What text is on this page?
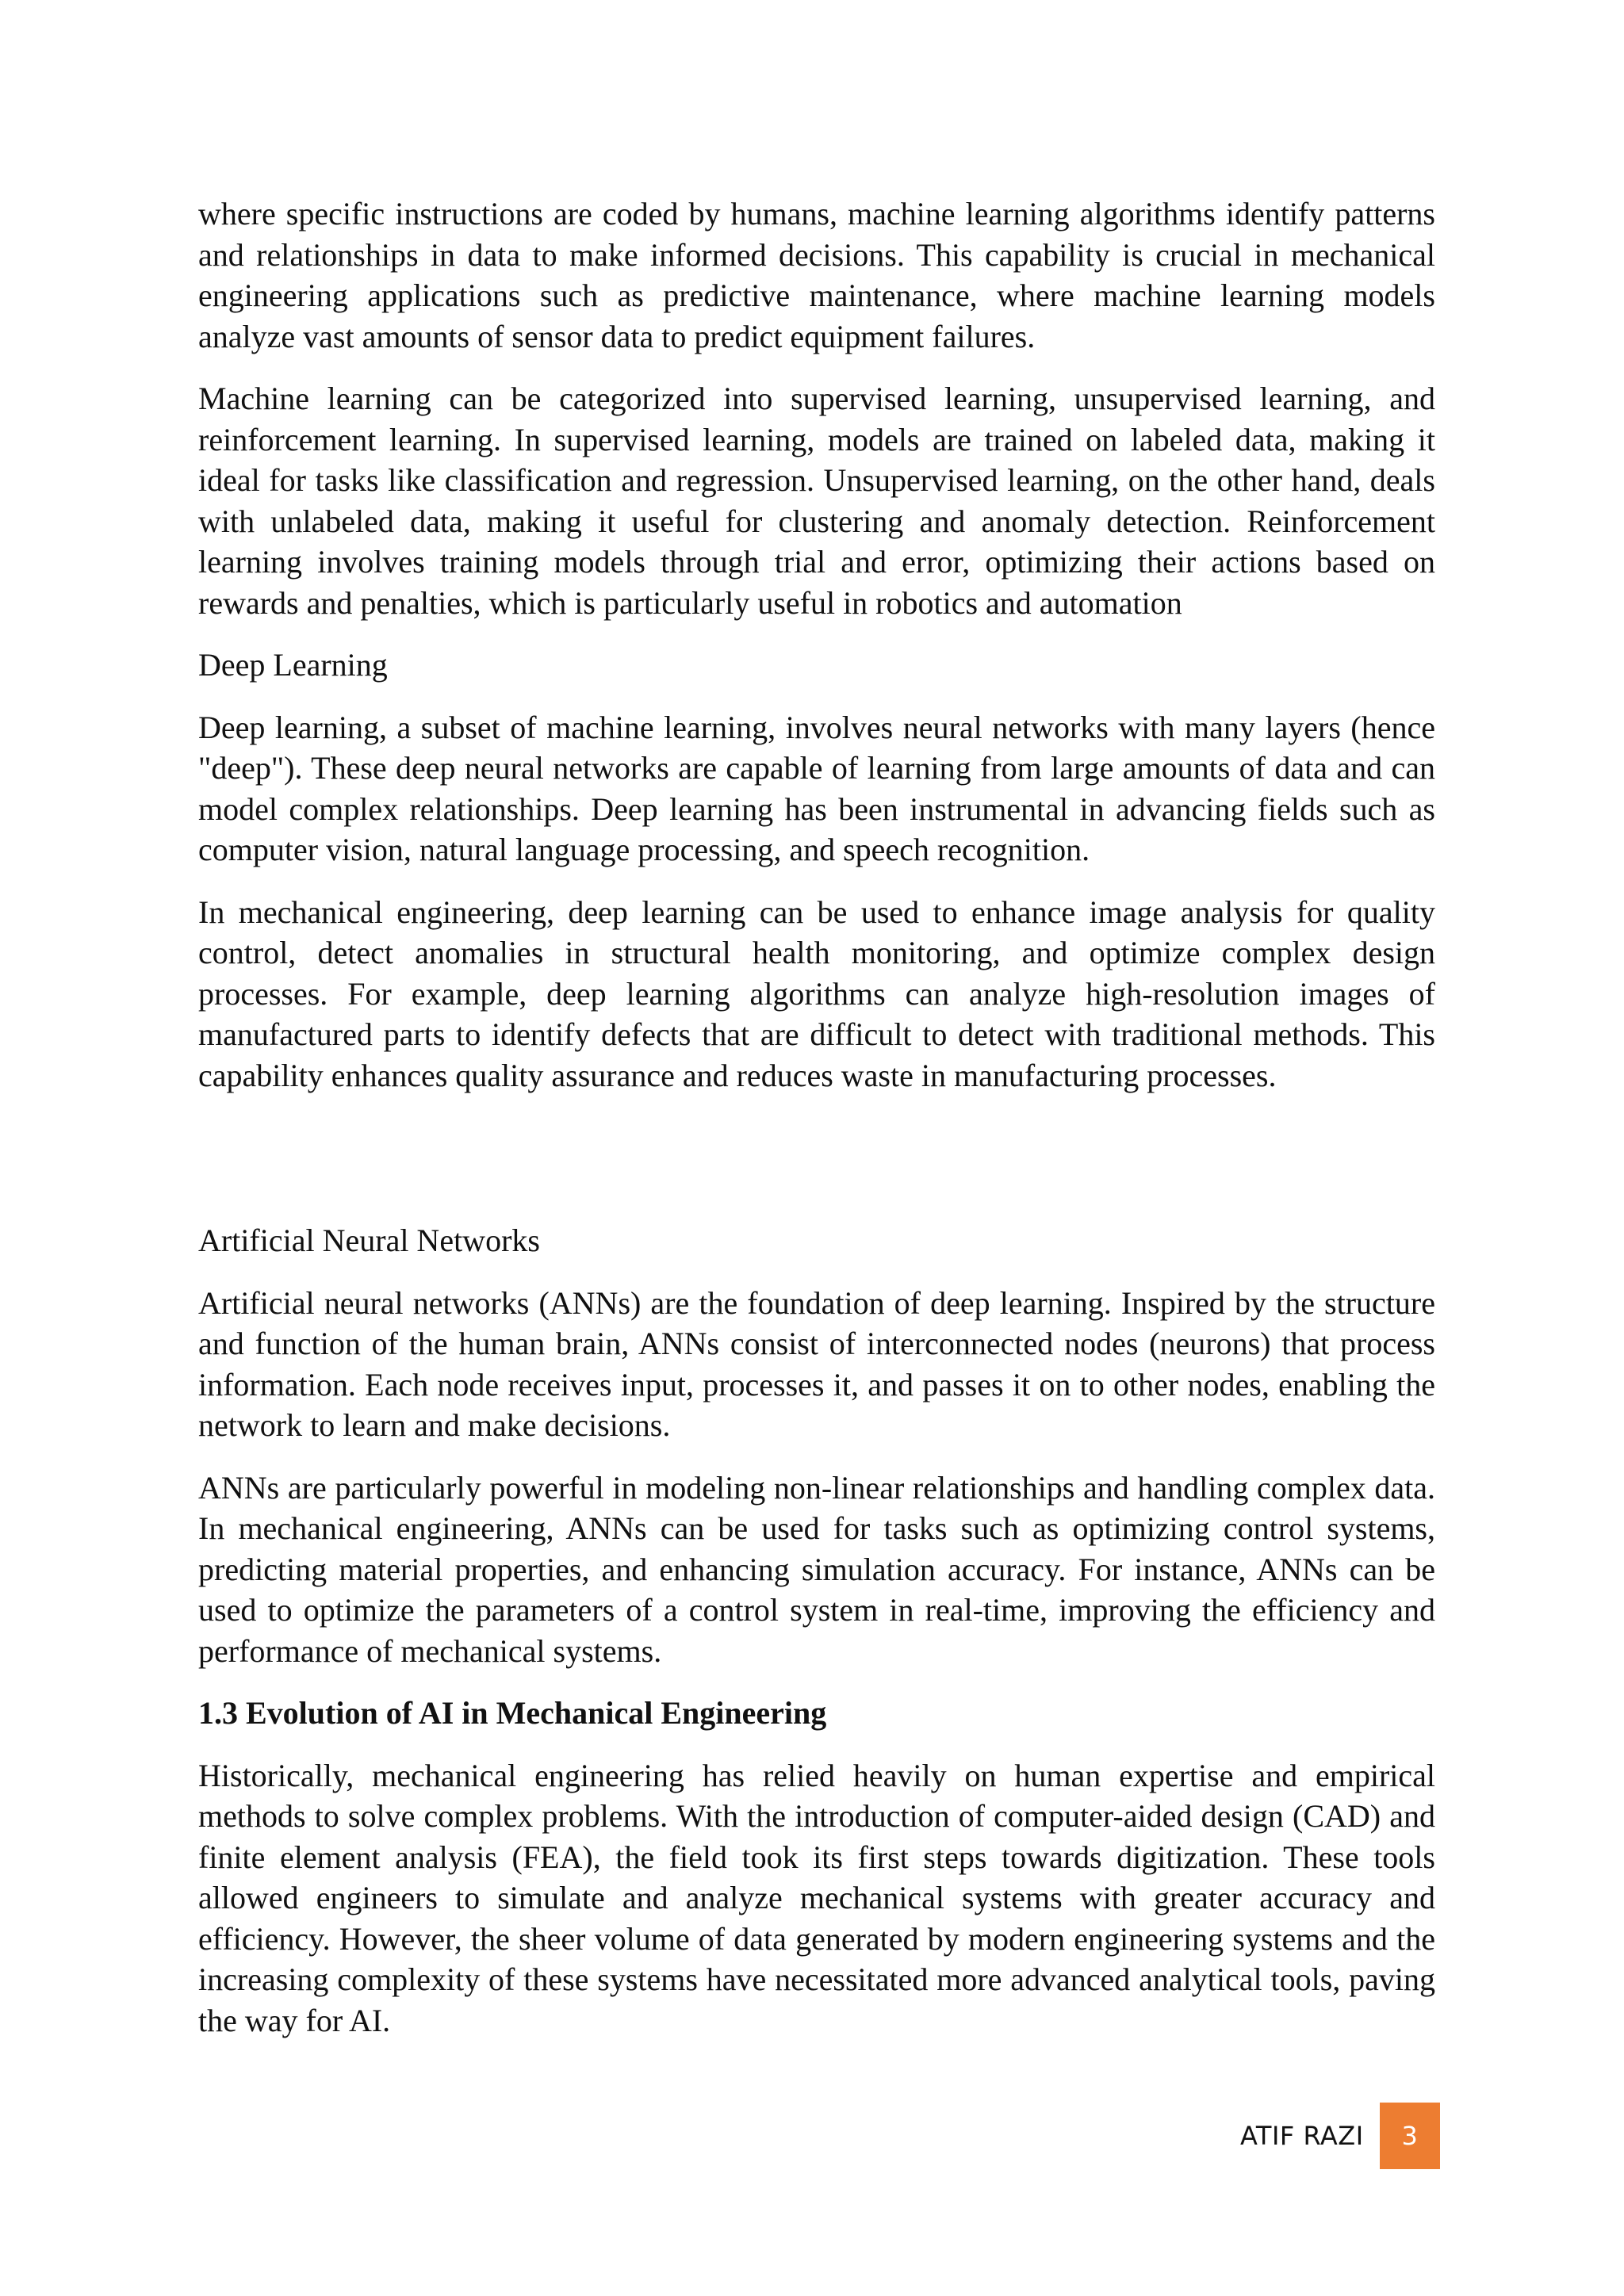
where specific instructions are coded by humans, machine learning algorithms identify patterns and relationships in data to make informed decisions. This capability is crucial in mechanical engineering applications such as predictive maintenance, where machine learning models analyze vast amounts of sensor data to predict equipment failures.

Machine learning can be categorized into supervised learning, unsupervised learning, and reinforcement learning. In supervised learning, models are trained on labeled data, making it ideal for tasks like classification and regression. Unsupervised learning, on the other hand, deals with unlabeled data, making it useful for clustering and anomaly detection. Reinforcement learning involves training models through trial and error, optimizing their actions based on rewards and penalties, which is particularly useful in robotics and automation

Deep Learning

Deep learning, a subset of machine learning, involves neural networks with many layers (hence "deep"). These deep neural networks are capable of learning from large amounts of data and can model complex relationships. Deep learning has been instrumental in advancing fields such as computer vision, natural language processing, and speech recognition.

In mechanical engineering, deep learning can be used to enhance image analysis for quality control, detect anomalies in structural health monitoring, and optimize complex design processes. For example, deep learning algorithms can analyze high-resolution images of manufactured parts to identify defects that are difficult to detect with traditional methods. This capability enhances quality assurance and reduces waste in manufacturing processes.

Artificial Neural Networks

Artificial neural networks (ANNs) are the foundation of deep learning. Inspired by the structure and function of the human brain, ANNs consist of interconnected nodes (neurons) that process information. Each node receives input, processes it, and passes it on to other nodes, enabling the network to learn and make decisions.

ANNs are particularly powerful in modeling non-linear relationships and handling complex data. In mechanical engineering, ANNs can be used for tasks such as optimizing control systems, predicting material properties, and enhancing simulation accuracy. For instance, ANNs can be used to optimize the parameters of a control system in real-time, improving the efficiency and performance of mechanical systems.

1.3 Evolution of AI in Mechanical Engineering

Historically, mechanical engineering has relied heavily on human expertise and empirical methods to solve complex problems. With the introduction of computer-aided design (CAD) and finite element analysis (FEA), the field took its first steps towards digitization. These tools allowed engineers to simulate and analyze mechanical systems with greater accuracy and efficiency. However, the sheer volume of data generated by modern engineering systems and the increasing complexity of these systems have necessitated more advanced analytical tools, paving the way for AI.

ATIF RAZI	3
